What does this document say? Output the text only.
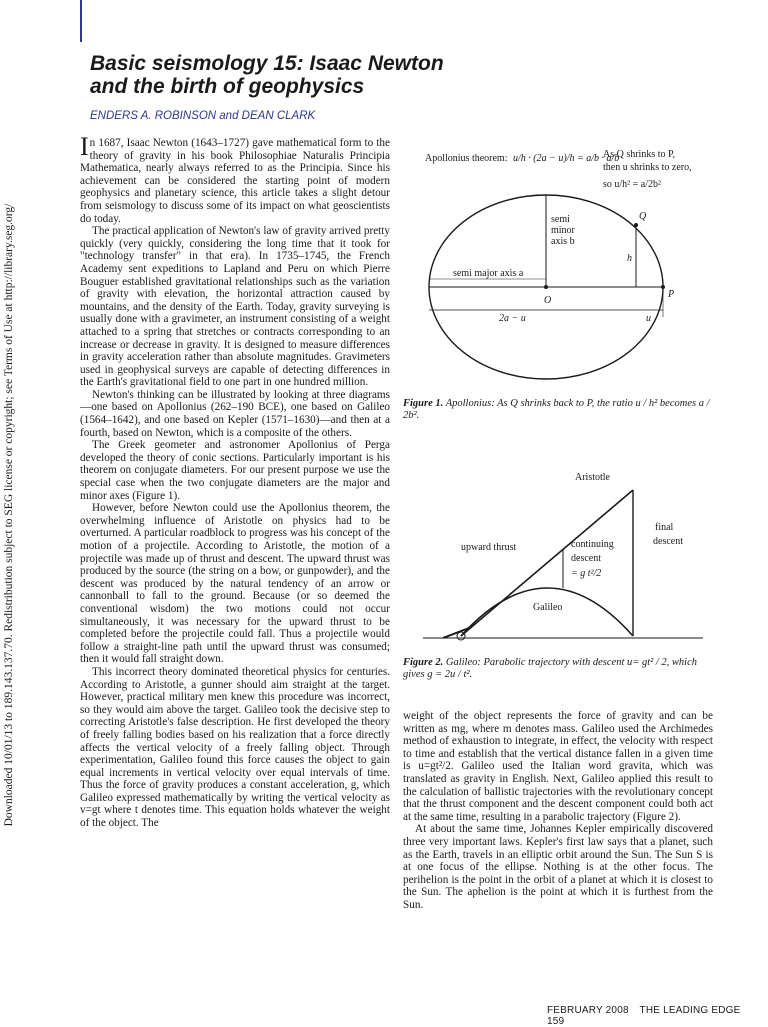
Downloaded 10/01/13 to 189.143.137.70. Redistribution subject to SEG license or copyright; see Terms of Use at http://library.seg.org/
Basic seismology 15: Isaac Newton
and the birth of geophysics
ENDERS A. ROBINSON and DEAN CLARK

In 1687, Isaac Newton (1643–1727) gave mathematical form to the theory of gravity in his book Philosophiae Naturalis Principia Mathematica, nearly always referred to as the Principia. Since his achievement can be considered the starting point of modern geophysics and planetary science, this article takes a slight detour from seismology to discuss some of its impact on what geoscientists do today.

The practical application of Newton's law of gravity arrived pretty quickly (very quickly, considering the long time that it took for "technology transfer" in that era). In 1735–1745, the French Academy sent expeditions to Lapland and Peru on which Pierre Bouguer established gravitational relationships such as the variation of gravity with elevation, the horizontal attraction caused by mountains, and the density of the Earth. Today, gravity surveying is usually done with a gravimeter, an instrument consisting of a weight attached to a spring that stretches or contracts corresponding to an increase or decrease in gravity. It is designed to measure differences in gravity acceleration rather than absolute magnitudes. Gravimeters used in geophysical surveys are capable of detecting differences in the Earth's gravitational field to one part in one hundred million.

Newton's thinking can be illustrated by looking at three diagrams—one based on Apollonius (262–190 BCE), one based on Galileo (1564–1642), and one based on Kepler (1571–1630)—and then at a fourth, based on Newton, which is a composite of the others.

The Greek geometer and astronomer Apollonius of Perga developed the theory of conic sections. Particularly important is his theorem on conjugate diameters. For our present purpose we use the special case when the two conjugate diameters are the major and minor axes (Figure 1).

However, before Newton could use the Apollonius theorem, the overwhelming influence of Aristotle on physics had to be overturned. A particular roadblock to progress was his concept of the motion of a projectile. According to Aristotle, the motion of a projectile was made up of thrust and descent. The upward thrust was produced by the source (the string on a bow, or gunpowder), and the descent was produced by the natural tendency of an arrow or cannonball to fall to the ground. Because (or so deemed the conventional wisdom) the two motions could not occur simultaneously, it was necessary for the upward thrust to be completed before the projectile could fall. Thus a projectile would follow a straight-line path until the upward thrust was consumed; then it would fall straight down.

This incorrect theory dominated theoretical physics for centuries. According to Aristotle, a gunner should aim straight at the target. However, practical military men knew this procedure was incorrect, so they would aim above the target. Galileo took the decisive step to correcting Aristotle's false description. He first developed the theory of freely falling bodies based on his realization that a force directly affects the vertical velocity of a freely falling object. Through experimentation, Galileo found this force causes the object to gain equal increments in vertical velocity over equal intervals of time. Thus the force of gravity produces a constant acceleration, g, which Galileo expressed mathematically by writing the vertical velocity as v=gt where t denotes time. This equation holds whatever the weight of the object. The

Apollonius theorem: u/h · (2a − u)/h = a/b · a/b
As Q shrinks to P,
then u shrinks to zero,
so u/h² = a/2b²
semi
minor
axis b
semi major axis a
Q
O
P
h
u
2a − u
Figure 1. Apollonius: As Q shrinks back to P, the ratio u / h² becomes a / 2b².
Aristotle
upward thrust	continuing
descent
= g t²/2
final
descent
Galileo
Figure 2. Galileo: Parabolic trajectory with descent u= gt² / 2, which gives g = 2u / t².

weight of the object represents the force of gravity and can be written as mg, where m denotes mass. Galileo used the Archimedes method of exhaustion to integrate, in effect, the velocity with respect to time and establish that the vertical distance fallen in a given time is u=gt²/2. Galileo used the Italian word gravita, which was translated as gravity in English. Next, Galileo applied this result to the calculation of ballistic trajectories with the revolutionary concept that the thrust component and the descent component could both act at the same time, resulting in a parabolic trajectory (Figure 2).

At about the same time, Johannes Kepler empirically discovered three very important laws. Kepler's first law says that a planet, such as the Earth, travels in an elliptic orbit around the Sun. The Sun S is at one focus of the ellipse. Nothing is at the other focus. The perihelion is the point in the orbit of a planet at which it is closest to the Sun. The aphelion is the point at which it is furthest from the Sun.

FEBRUARY 2008 THE LEADING EDGE 159
